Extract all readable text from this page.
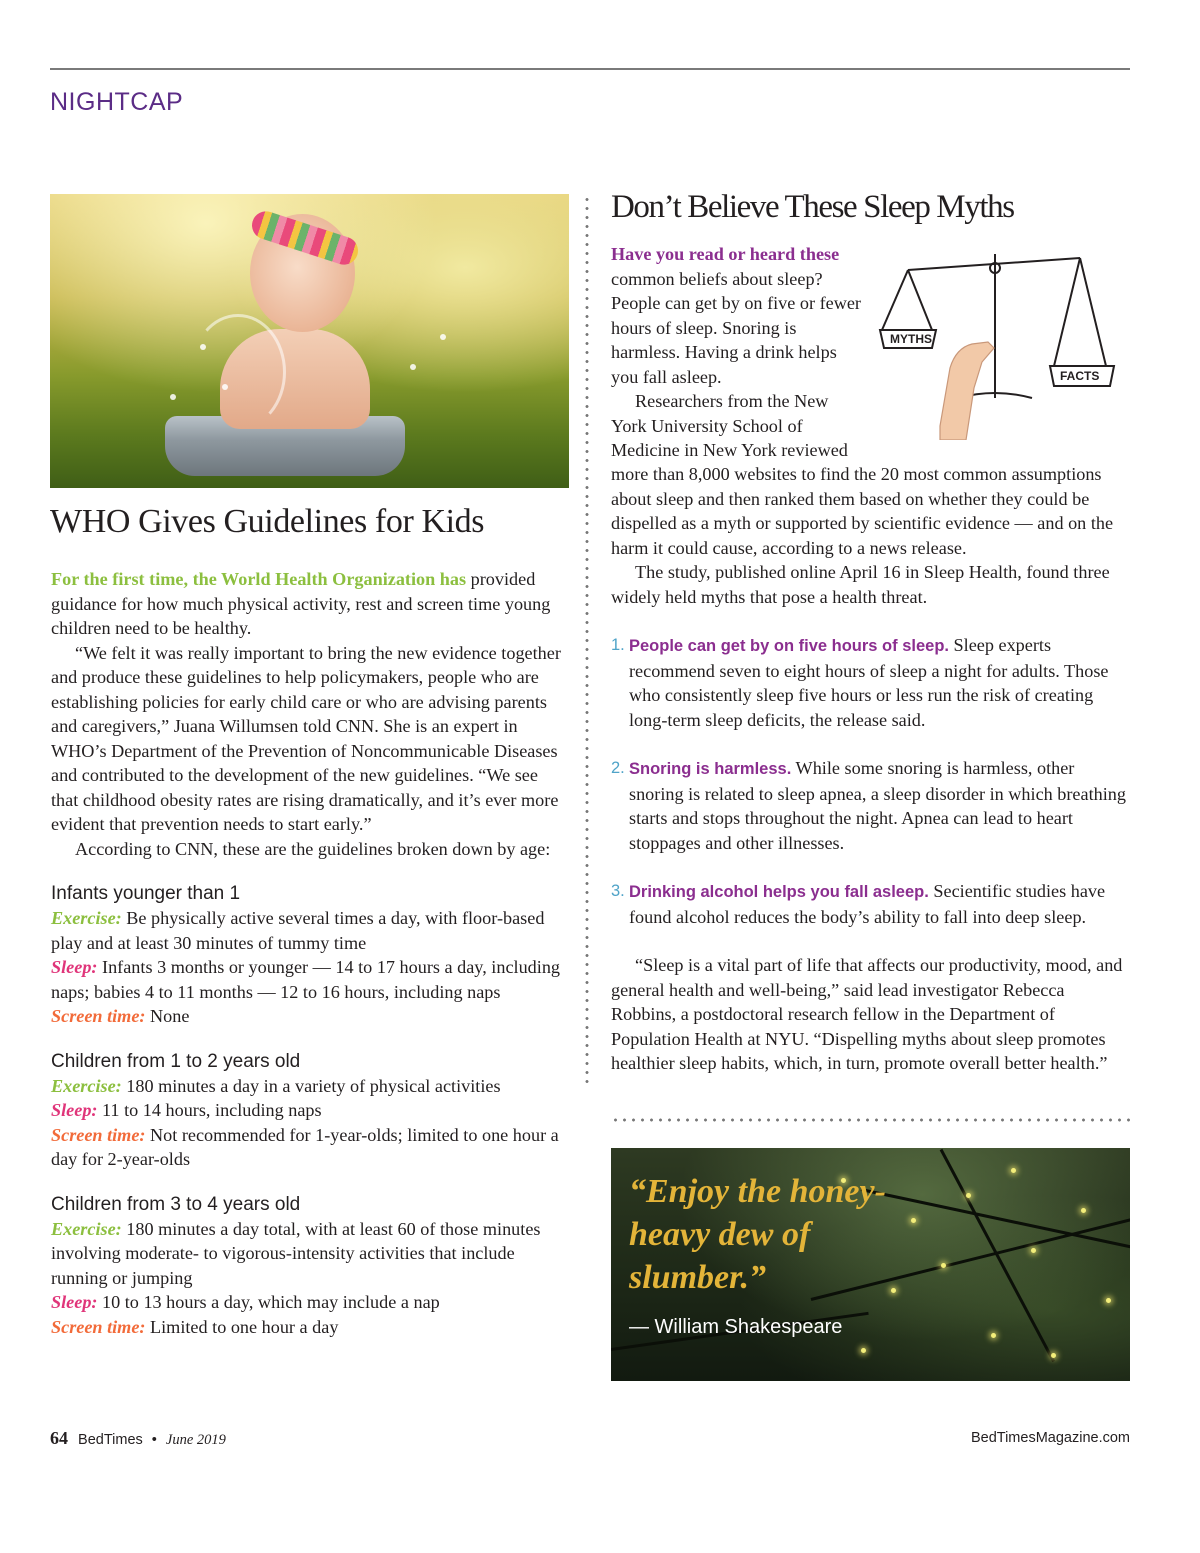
NIGHTCAP
WHO Gives Guidelines for Kids

For the first time, the World Health Organization has provided guidance for how much physical activity, rest and screen time young children need to be healthy.

“We felt it was really important to bring the new evidence together and produce these guidelines to help policymakers, people who are establishing policies for early child care or who are advising parents and caregivers,” Juana Willumsen told CNN. She is an expert in WHO’s Department of the Prevention of Noncommunicable Diseases and contributed to the development of the new guidelines. “We see that childhood obesity rates are rising dramatically, and it’s ever more evident that prevention needs to start early.”

According to CNN, these are the guidelines broken down by age:

Infants younger than 1

Exercise: Be physically active several times a day, with floor-based play and at least 30 minutes of tummy time

Sleep: Infants 3 months or younger — 14 to 17 hours a day, including naps; babies 4 to 11 months — 12 to 16 hours, including naps

Screen time: None

Children from 1 to 2 years old

Exercise: 180 minutes a day in a variety of physical activities

Sleep: 11 to 14 hours, including naps

Screen time: Not recommended for 1-year-olds; limited to one hour a day for 2-year-olds

Children from 3 to 4 years old

Exercise: 180 minutes a day total, with at least 60 of those minutes involving moderate- to vigorous-intensity activities that include running or jumping

Sleep: 10 to 13 hours a day, which may include a nap

Screen time: Limited to one hour a day

Don’t Believe These Sleep Myths

Have you read or heard these common beliefs about sleep? People can get by on five or fewer hours of sleep. Snoring is harmless. Having a drink helps you fall asleep.

Researchers from the New York University School of Medicine in New York reviewed

MYTHS
FACTS

more than 8,000 websites to find the 20 most common assumptions about sleep and then ranked them based on whether they could be dispelled as a myth or supported by scientific evidence — and on the harm it could cause, according to a news release.

The study, published online April 16 in Sleep Health, found three widely held myths that pose a health threat.

1. People can get by on five hours of sleep. Sleep experts recommend seven to eight hours of sleep a night for adults. Those who consistently sleep five hours or less run the risk of creating long-term sleep deficits, the release said.
2. Snoring is harmless. While some snoring is harmless, other snoring is related to sleep apnea, a sleep disorder in which breathing starts and stops throughout the night. Apnea can lead to heart stoppages and other illnesses.
3. Drinking alcohol helps you fall asleep. Secientific studies have found alcohol reduces the body’s ability to fall into deep sleep.

“Sleep is a vital part of life that affects our productivity, mood, and general health and well-being,” said lead investigator Rebecca Robbins, a postdoctoral research fellow in the Department of Population Health at NYU. “Dispelling myths about sleep promotes healthier sleep habits, which, in turn, promote overall better health.”

“Enjoy the honey-heavy dew of slumber.”
— William Shakespeare
64 BedTimes • June 2019	BedTimesMagazine.com
